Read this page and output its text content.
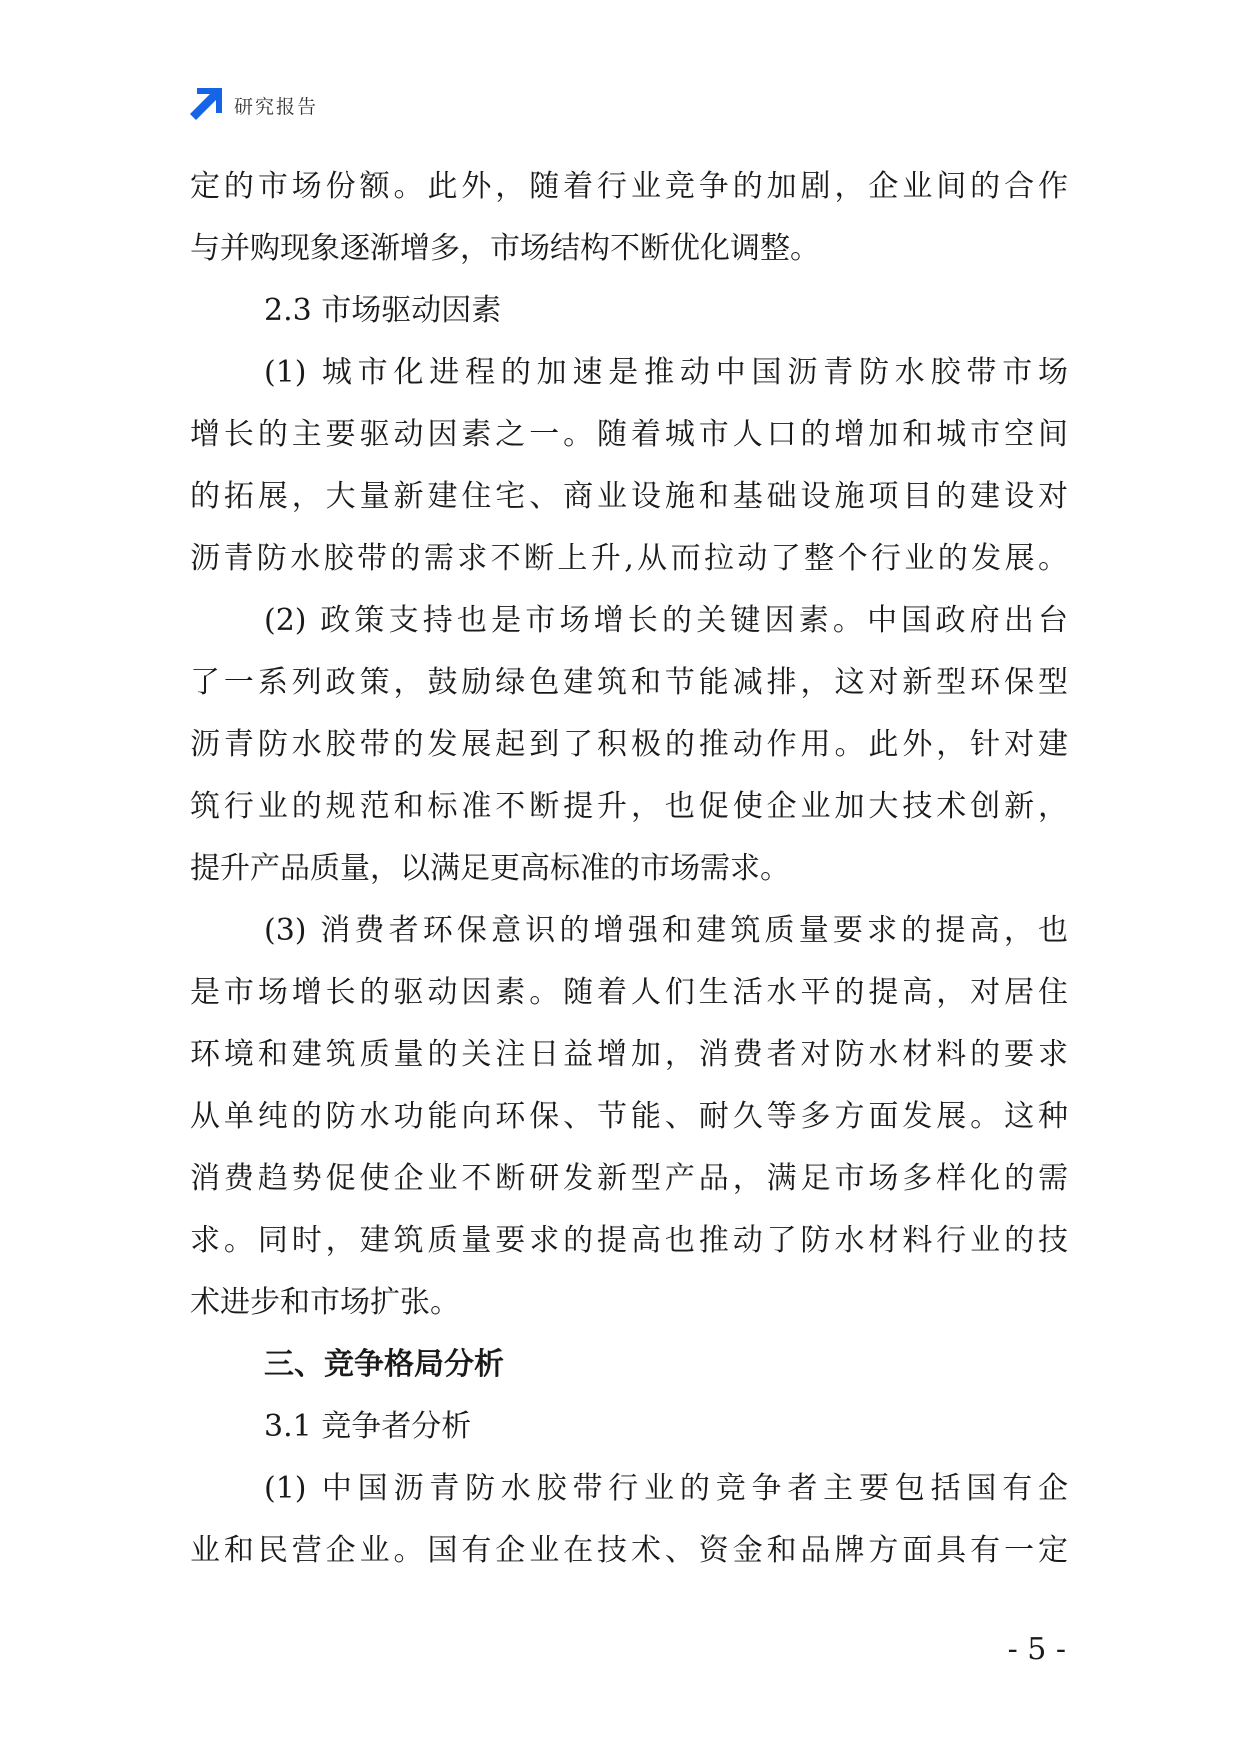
研究报告
定的市场份额。此外，随着行业竞争的加剧，企业间的合作
与并购现象逐渐增多，市场结构不断优化调整。
2.3 市场驱动因素
(1) 城市化进程的加速是推动中国沥青防水胶带市场
增长的主要驱动因素之一。随着城市人口的增加和城市空间
的拓展，大量新建住宅、商业设施和基础设施项目的建设对
沥青防水胶带的需求不断上升,从而拉动了整个行业的发展。
(2) 政策支持也是市场增长的关键因素。中国政府出台
了一系列政策，鼓励绿色建筑和节能减排，这对新型环保型
沥青防水胶带的发展起到了积极的推动作用。此外，针对建
筑行业的规范和标准不断提升，也促使企业加大技术创新，
提升产品质量，以满足更高标准的市场需求。
(3) 消费者环保意识的增强和建筑质量要求的提高，也
是市场增长的驱动因素。随着人们生活水平的提高，对居住
环境和建筑质量的关注日益增加，消费者对防水材料的要求
从单纯的防水功能向环保、节能、耐久等多方面发展。这种
消费趋势促使企业不断研发新型产品，满足市场多样化的需
求。同时，建筑质量要求的提高也推动了防水材料行业的技
术进步和市场扩张。
三、竞争格局分析
3.1 竞争者分析
(1) 中国沥青防水胶带行业的竞争者主要包括国有企
业和民营企业。国有企业在技术、资金和品牌方面具有一定
- 5 -
